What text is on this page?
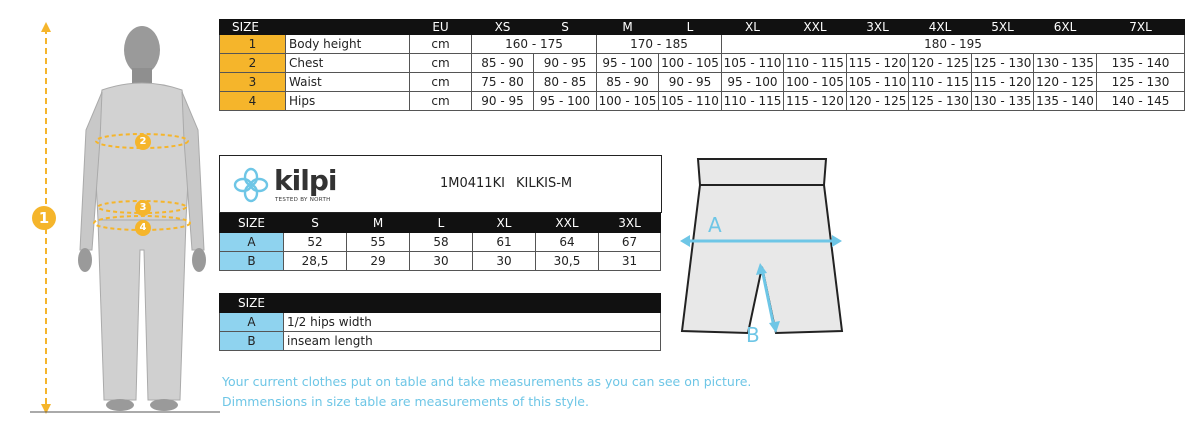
1
2
3
4
SIZE		EU	XS	S	M	L	XL	XXL	3XL	4XL	5XL	6XL	7XL
1	Body height	cm	160 - 175		170 - 185		180 - 195						
2	Chest	cm	85 - 90	90 - 95	95 - 100	100 - 105	105 - 110	110 - 115	115 - 120	120 - 125	125 - 130	130 - 135	135 - 140
3	Waist	cm	75 - 80	80 - 85	85 - 90	90 - 95	95 - 100	100 - 105	105 - 110	110 - 115	115 - 120	120 - 125	125 - 130
4	Hips	cm	90 - 95	95 - 100	100 - 105	105 - 110	110 - 115	115 - 120	120 - 125	125 - 130	130 - 135	135 - 140	140 - 145
kilpi
TESTED BY NORTH
1M0411KI KILKIS-M
SIZE	S	M	L	XL	XXL	3XL
A	52	55	58	61	64	67
B	28,5	29	30	30	30,5	31
SIZE	
A	1/2 hips width
B	inseam length
A
B
Your current clothes put on table and take measurements as you can see on picture.
Dimmensions in size table are measurements of this style.
